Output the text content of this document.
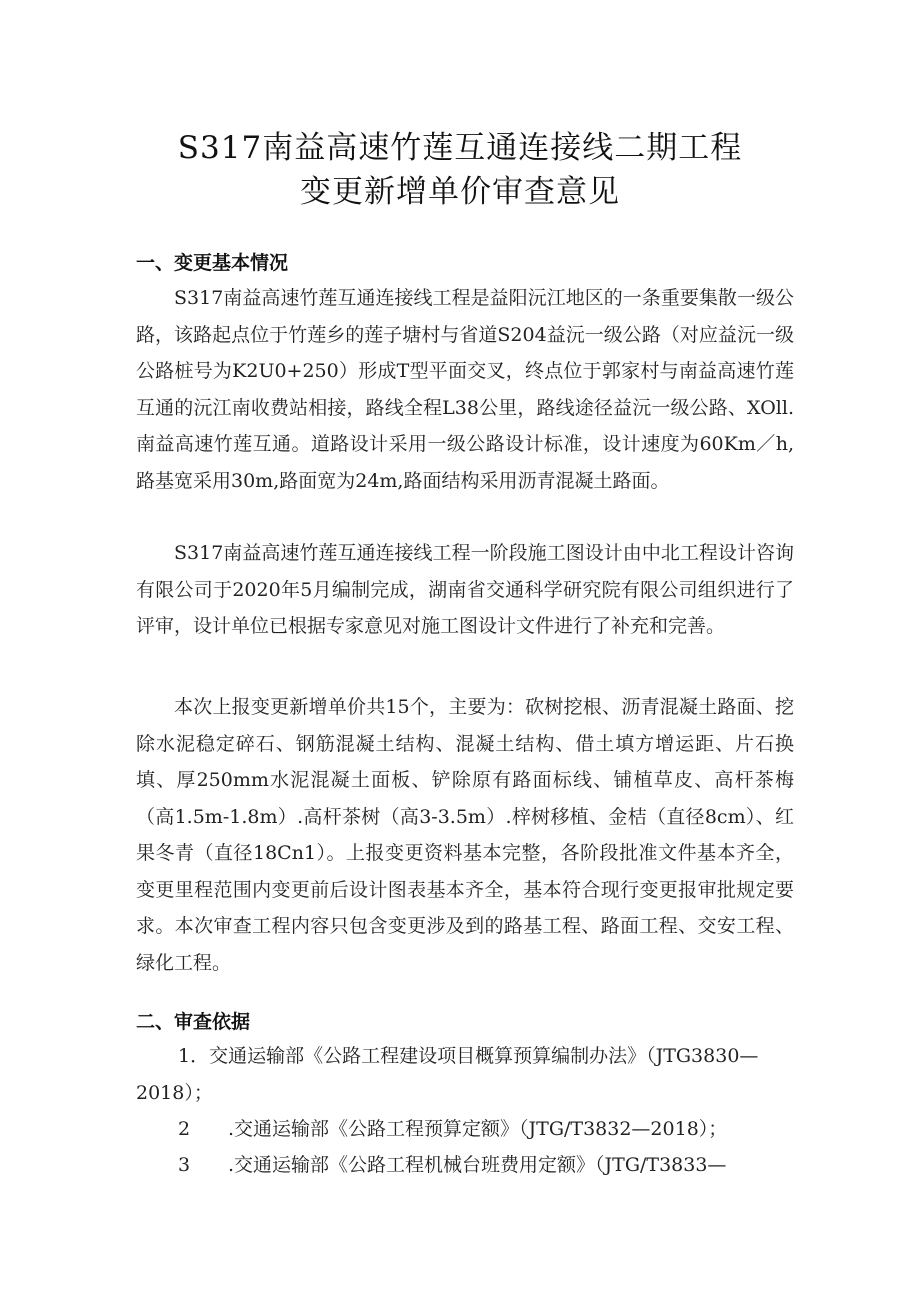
S317南益高速竹莲互通连接线二期工程
变更新增单价审查意见
一、变更基本情况

S317南益高速竹莲互通连接线工程是益阳沅江地区的一条重要集散一级公路，该路起点位于竹莲乡的莲子塘村与省道S204益沅一级公路（对应益沅一级公路桩号为K2U0+250）形成T型平面交叉，终点位于郭家村与南益高速竹莲互通的沅江南收费站相接，路线全程L38公里，路线途径益沅一级公路、XOll.南益高速竹莲互通。道路设计采用一级公路设计标准，设计速度为60Km／h,路基宽采用30m,路面宽为24m,路面结构采用沥青混凝土路面。

S317南益高速竹莲互通连接线工程一阶段施工图设计由中北工程设计咨询有限公司于2020年5月编制完成，湖南省交通科学研究院有限公司组织进行了评审，设计单位已根据专家意见对施工图设计文件进行了补充和完善。

本次上报变更新增单价共15个，主要为：砍树挖根、沥青混凝土路面、挖除水泥稳定碎石、钢筋混凝土结构、混凝土结构、借土填方增运距、片石换填、厚250mm水泥混凝土面板、铲除原有路面标线、铺植草皮、高杆茶梅（高1.5m-1.8m）.高杆茶树（高3-3.5m）.梓树移植、金桔（直径8cm）、红果冬青（直径18Cn1）。上报变更资料基本完整，各阶段批准文件基本齐全，变更里程范围内变更前后设计图表基本齐全，基本符合现行变更报审批规定要求。本次审查工程内容只包含变更涉及到的路基工程、路面工程、交安工程、绿化工程。

二、审查依据

1．交通运输部《公路工程建设项目概算预算编制办法》（JTG3830—2018）；

2 .交通运输部《公路工程预算定额》（JTG/T3832—2018）；
3 .交通运输部《公路工程机械台班费用定额》（JTG/T3833—
